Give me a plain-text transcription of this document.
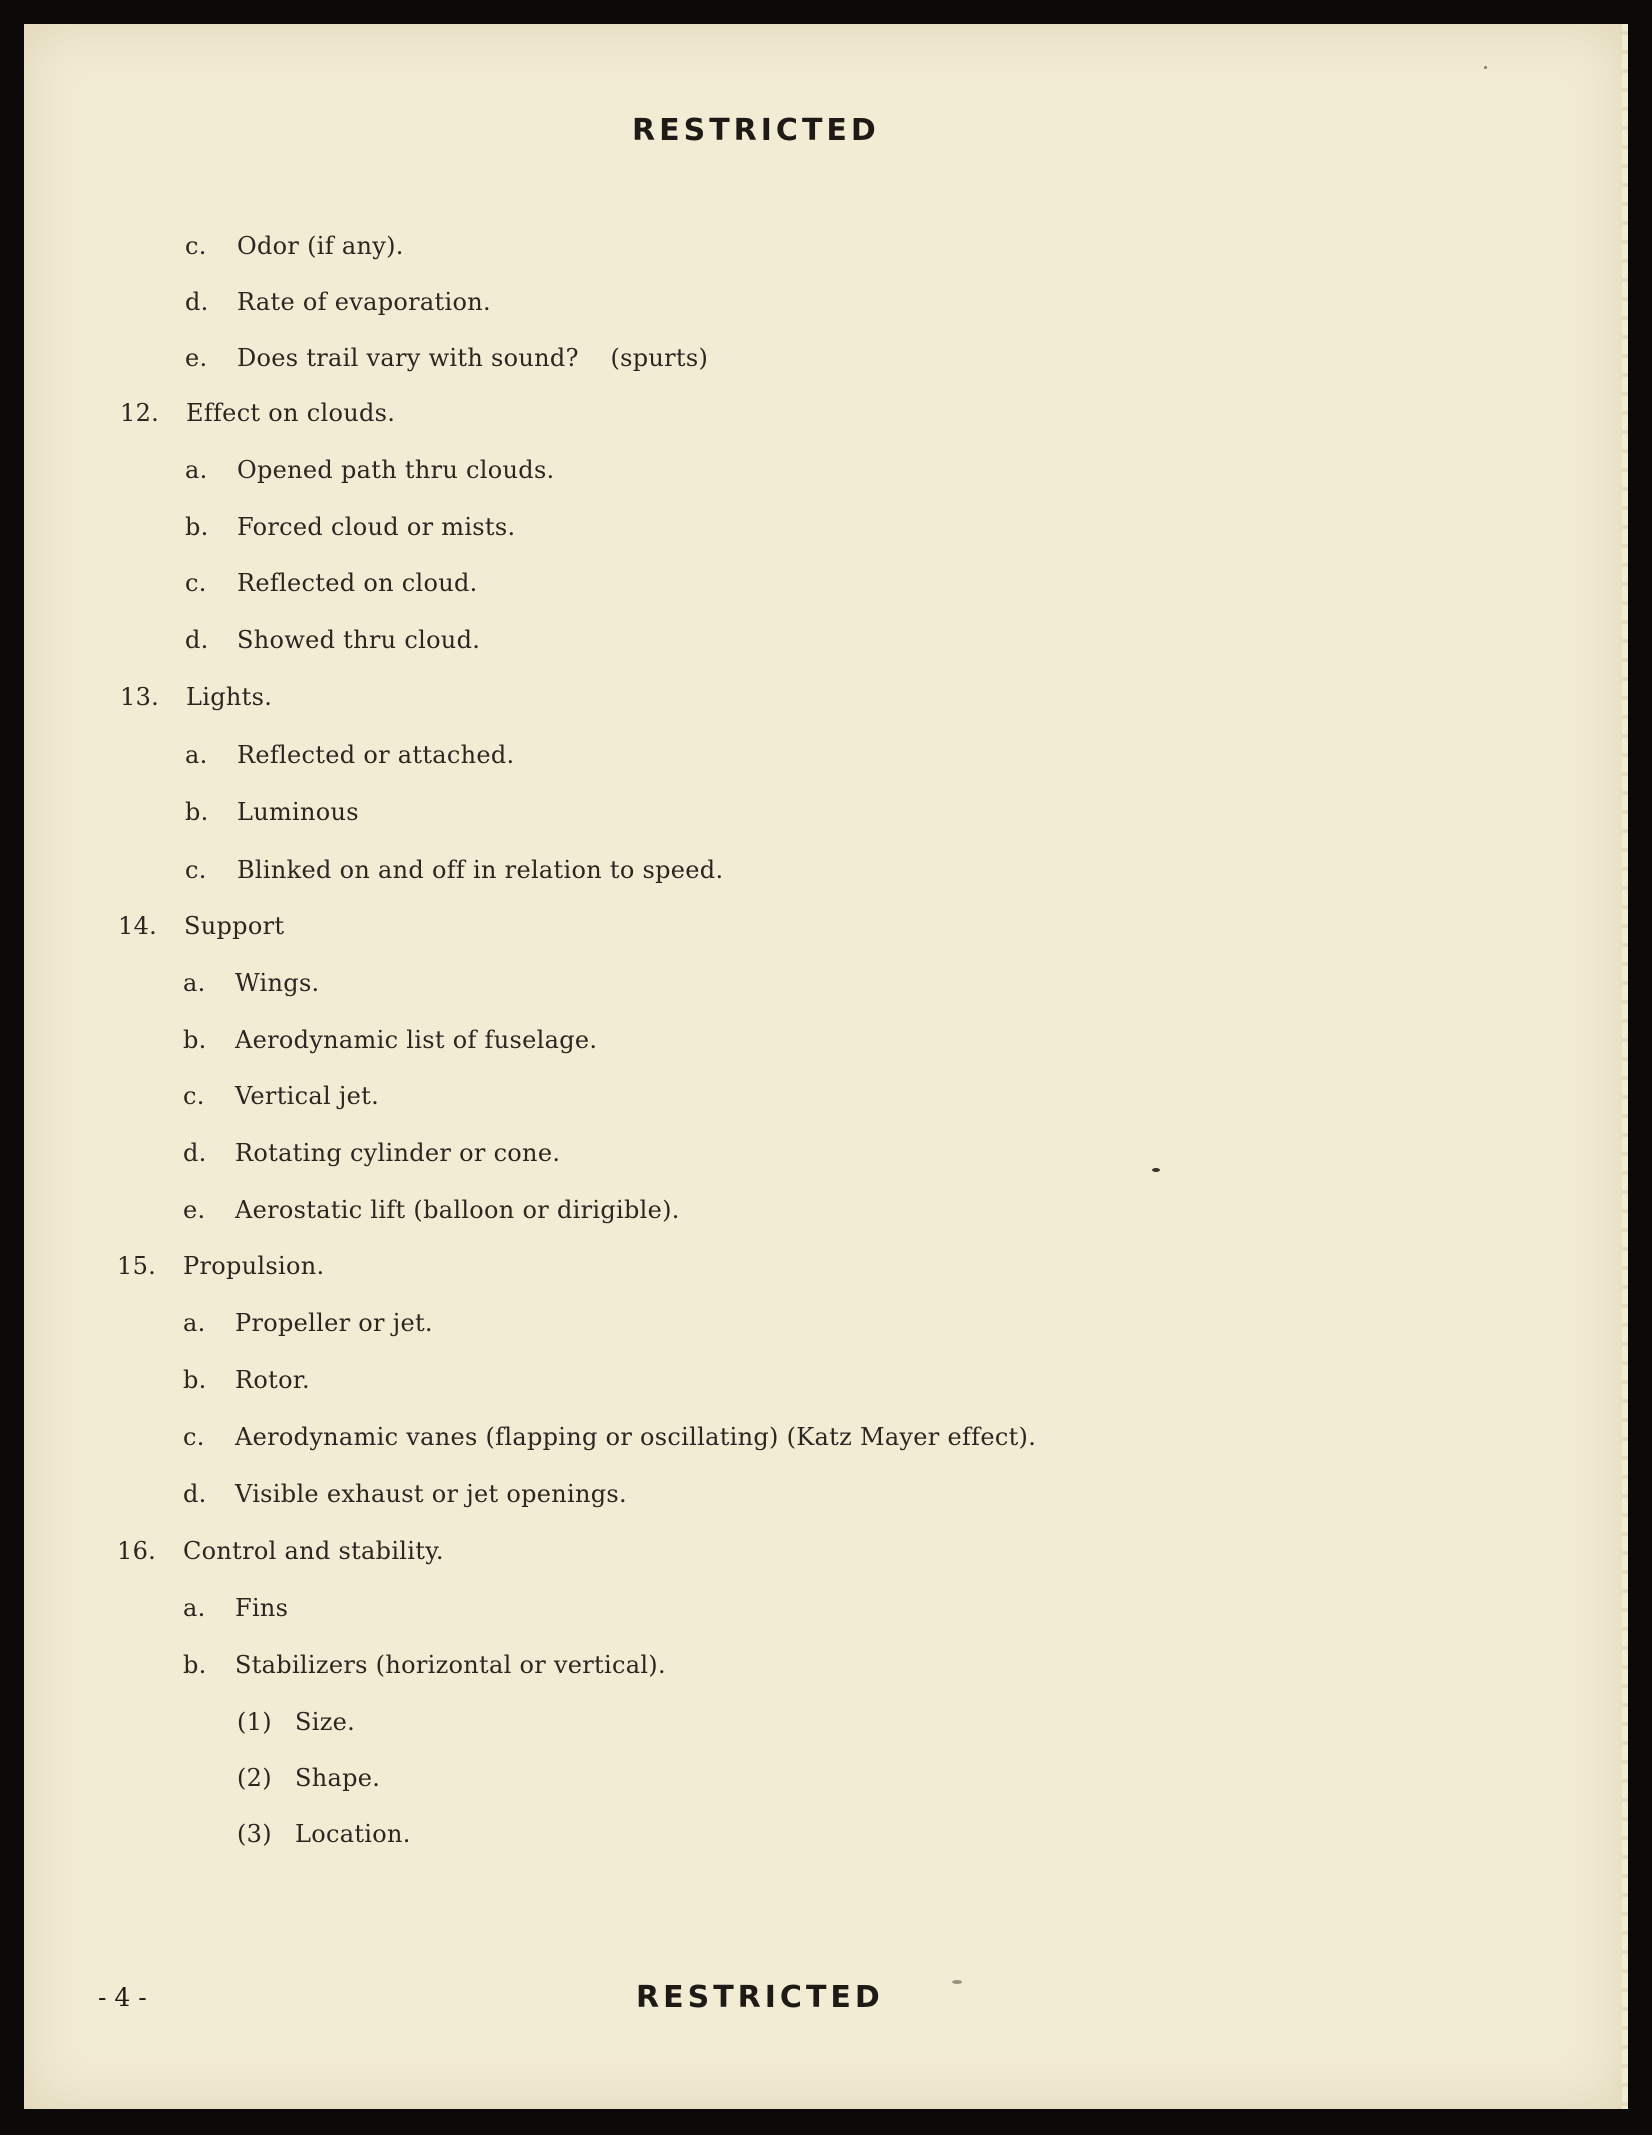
RESTRICTED
c. Odor (if any).
d. Rate of evaporation.
e. Does trail vary with sound?    (spurts)
12. Effect on clouds.
a. Opened path thru clouds.
b. Forced cloud or mists.
c. Reflected on cloud.
d. Showed thru cloud.
13. Lights.
a. Reflected or attached.
b. Luminous
c. Blinked on and off in relation to speed.
14. Support
a. Wings.
b. Aerodynamic list of fuselage.
c. Vertical jet.
d. Rotating cylinder or cone.
e. Aerostatic lift (balloon or dirigible).
15. Propulsion.
a. Propeller or jet.
b. Rotor.
c. Aerodynamic vanes (flapping or oscillating) (Katz Mayer effect).
d. Visible exhaust or jet openings.
16. Control and stability.
a. Fins
b. Stabilizers (horizontal or vertical).
(1) Size.
(2) Shape.
(3) Location.
- 4 -	RESTRICTED
